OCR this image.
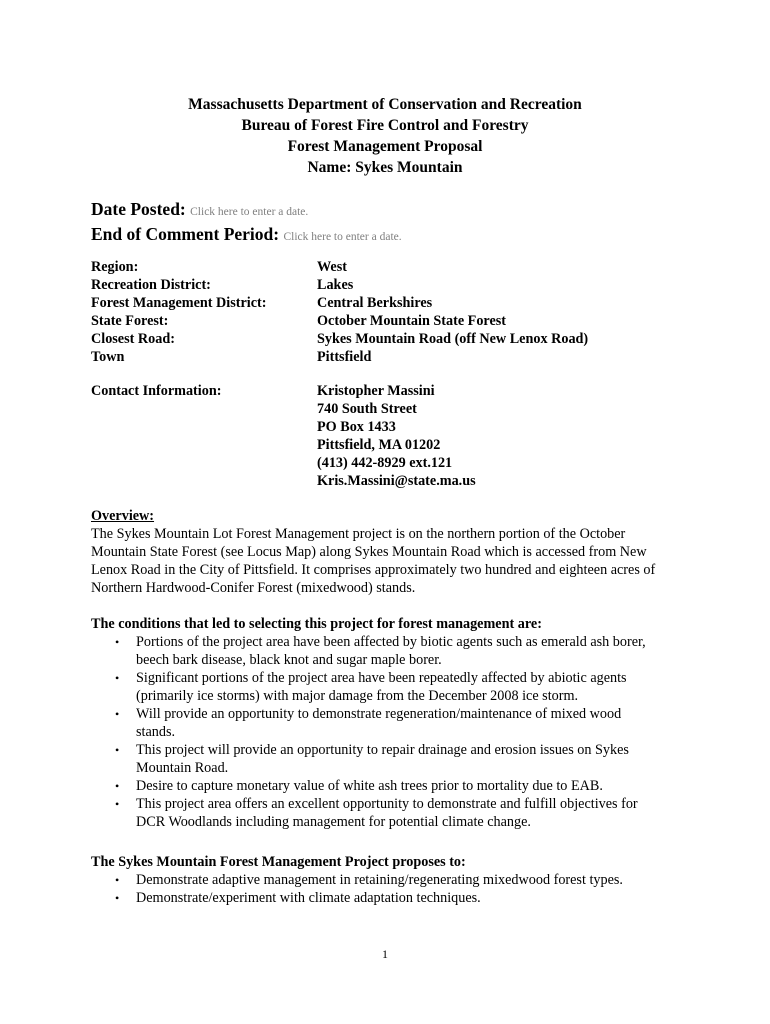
Massachusetts Department of Conservation and Recreation
Bureau of Forest Fire Control and Forestry
Forest Management Proposal
Name: Sykes Mountain
Date Posted: Click here to enter a date.
End of Comment Period: Click here to enter a date.
Region:	West
Recreation District:	Lakes
Forest Management District:	Central Berkshires
State Forest:	October Mountain State Forest
Closest Road:	Sykes Mountain Road (off New Lenox Road)
Town	Pittsfield
Contact Information:	Kristopher Massini
740 South Street
PO Box 1433
Pittsfield, MA 01202
(413) 442-8929 ext.121
Kris.Massini@state.ma.us
Overview:
The Sykes Mountain Lot Forest Management project is on the northern portion of the October
Mountain State Forest (see Locus Map) along Sykes Mountain Road which is accessed from New
Lenox Road in the City of Pittsfield. It comprises approximately two hundred and eighteen acres of
Northern Hardwood-Conifer Forest (mixedwood) stands.
The conditions that led to selecting this project for forest management are:
• Portions of the project area have been affected by biotic agents such as emerald ash borer,
beech bark disease, black knot and sugar maple borer.
• Significant portions of the project area have been repeatedly affected by abiotic agents
(primarily ice storms) with major damage from the December 2008 ice storm.
• Will provide an opportunity to demonstrate regeneration/maintenance of mixed wood
stands.
• This project will provide an opportunity to repair drainage and erosion issues on Sykes
Mountain Road.
• Desire to capture monetary value of white ash trees prior to mortality due to EAB.
• This project area offers an excellent opportunity to demonstrate and fulfill objectives for
DCR Woodlands including management for potential climate change.
The Sykes Mountain Forest Management Project proposes to:
• Demonstrate adaptive management in retaining/regenerating mixedwood forest types.
• Demonstrate/experiment with climate adaptation techniques.
1
